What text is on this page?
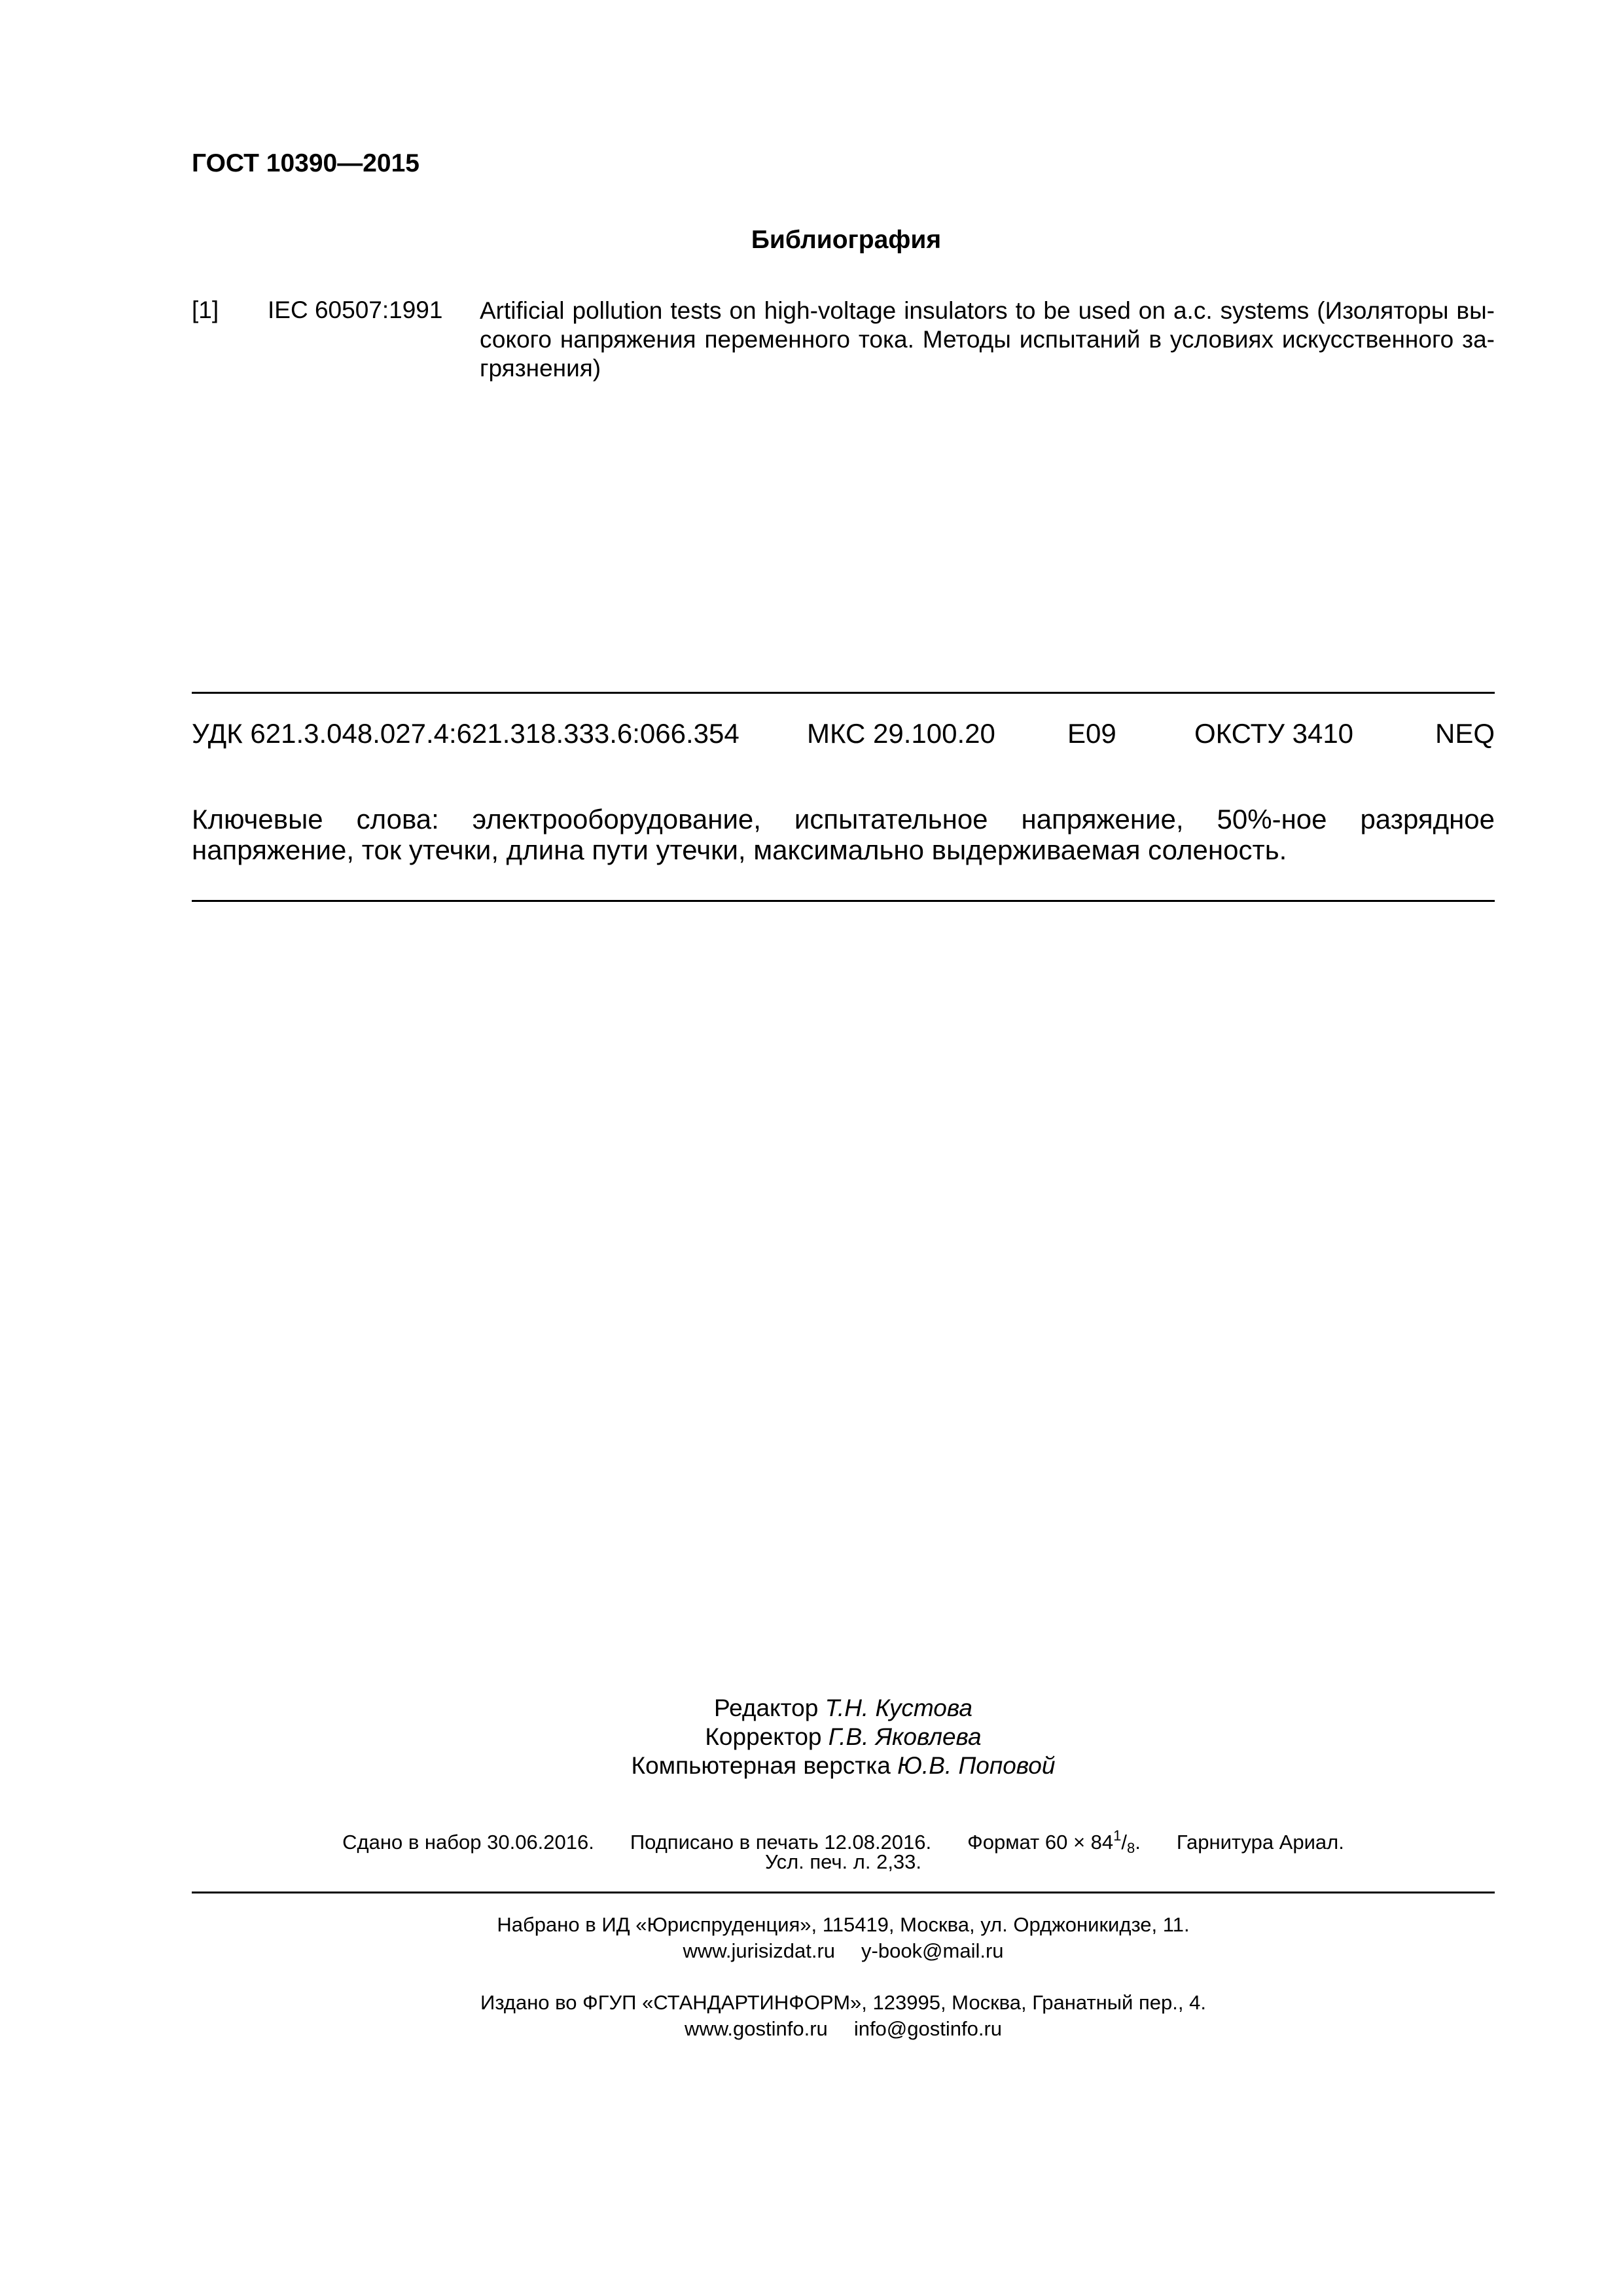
ГОСТ 10390—2015
Библиография
[1] IEC 60507:1991 Artificial pollution tests on high-voltage insulators to be used on a.c. systems (Изоляторы высокого напряжения переменного тока. Методы испытаний в условиях искусственного загрязнения)
УДК 621.3.048.027.4:621.318.333.6:066.354 МКС 29.100.20	E09	ОКСТУ 3410	NEQ
Ключевые слова: электрооборудование, испытательное напряжение, 50%-ное разрядное напряжение, ток утечки, длина пути утечки, максимально выдерживаемая соленость.
Редактор Т.Н. Кустова
Корректор Г.В. Яковлева
Компьютерная верстка Ю.В. Поповой
Сдано в набор 30.06.2016. Подписано в печать 12.08.2016. Формат $60 \times 84^1/_8$. Гарнитура Ариал.
Усл. печ. л. 2,33.
Набрано в ИД «Юриспруденция», 115419, Москва, ул. Орджоникидзе, 11.
www.jurisizdat.ru y-book@mail.ru
Издано во ФГУП «СТАНДАРТИНФОРМ», 123995, Москва, Гранатный пер., 4.
www.gostinfo.ru info@gostinfo.ru
